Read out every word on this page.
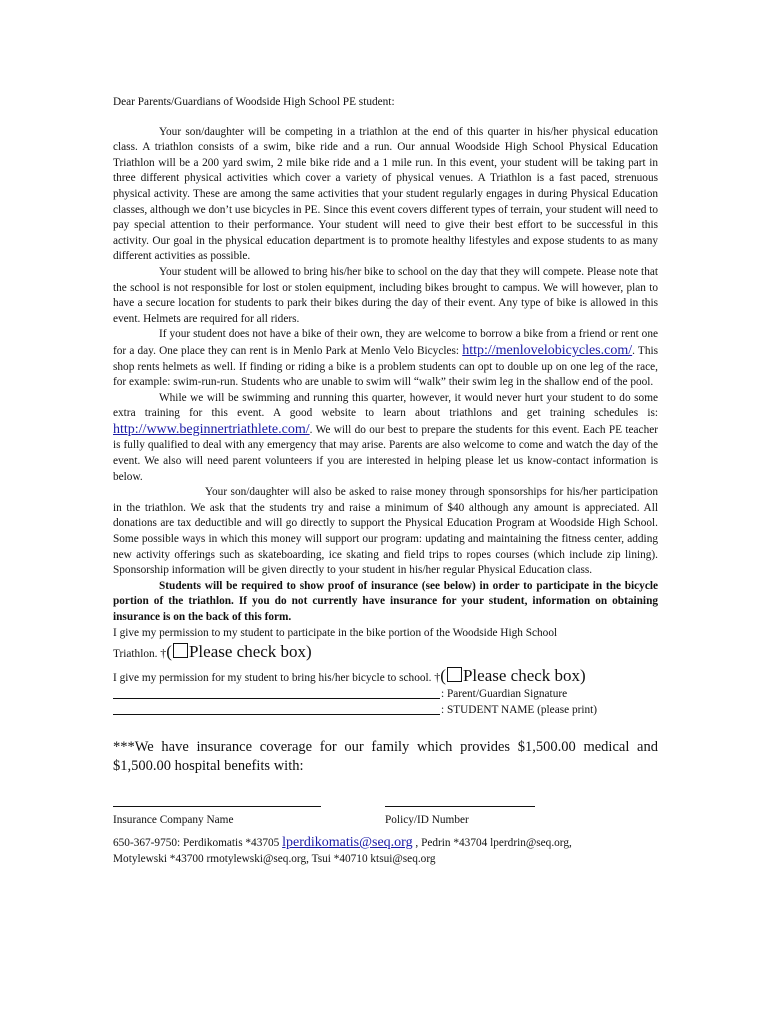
Dear Parents/Guardians of Woodside High School PE student:

Your son/daughter will be competing in a triathlon at the end of this quarter in his/her physical education class. A triathlon consists of a swim, bike ride and a run. Our annual Woodside High School Physical Education Triathlon will be a 200 yard swim, 2 mile bike ride and a 1 mile run. In this event, your student will be taking part in three different physical activities which cover a variety of physical venues. A Triathlon is a fast paced, strenuous physical activity. These are among the same activities that your student regularly engages in during Physical Education classes, although we don’t use bicycles in PE. Since this event covers different types of terrain, your student will need to pay special attention to their performance. Your student will need to give their best effort to be successful in this activity. Our goal in the physical education department is to promote healthy lifestyles and expose students to as many different activities as possible.

Your student will be allowed to bring his/her bike to school on the day that they will compete. Please note that the school is not responsible for lost or stolen equipment, including bikes brought to campus. We will however, plan to have a secure location for students to park their bikes during the day of their event. Any type of bike is allowed in this event. Helmets are required for all riders.

If your student does not have a bike of their own, they are welcome to borrow a bike from a friend or rent one for a day. One place they can rent is in Menlo Park at Menlo Velo Bicycles: http://menlovelobicycles.com/. This shop rents helmets as well. If finding or riding a bike is a problem students can opt to double up on one leg of the race, for example: swim-run-run. Students who are unable to swim will “walk” their swim leg in the shallow end of the pool.

While we will be swimming and running this quarter, however, it would never hurt your student to do some extra training for this event. A good website to learn about triathlons and get training schedules is: http://www.beginnertriathlete.com/. We will do our best to prepare the students for this event. Each PE teacher is fully qualified to deal with any emergency that may arise. Parents are also welcome to come and watch the day of the event. We also will need parent volunteers if you are interested in helping please let us know-contact information is below.

Your son/daughter will also be asked to raise money through sponsorships for his/her participation in the triathlon. We ask that the students try and raise a minimum of $40 although any amount is appreciated. All donations are tax deductible and will go directly to support the Physical Education Program at Woodside High School. Some possible ways in which this money will support our program: updating and maintaining the fitness center, adding new activity offerings such as skateboarding, ice skating and field trips to ropes courses (which include zip lining). Sponsorship information will be given directly to your student in his/her regular Physical Education class.

Students will be required to show proof of insurance (see below) in order to participate in the bicycle portion of the triathlon. If you do not currently have insurance for your student, information on obtaining insurance is on the back of this form.

I give my permission to my student to participate in the bike portion of the Woodside High School
Triathlon. †( Please check box)

I give my permission for my student to bring his/her bicycle to school. †( Please check box)

: Parent/Guardian Signature
: STUDENT NAME (please print)

***We have insurance coverage for our family which provides $1,500.00 medical and $1,500.00 hospital benefits with:

Insurance Company Name	Policy/ID Number

650-367-9750: Perdikomatis *43705 lperdikomatis@seq.org , Pedrin *43704 lperdrin@seq.org,
Motylewski *43700 rmotylewski@seq.org, Tsui *40710 ktsui@seq.org
